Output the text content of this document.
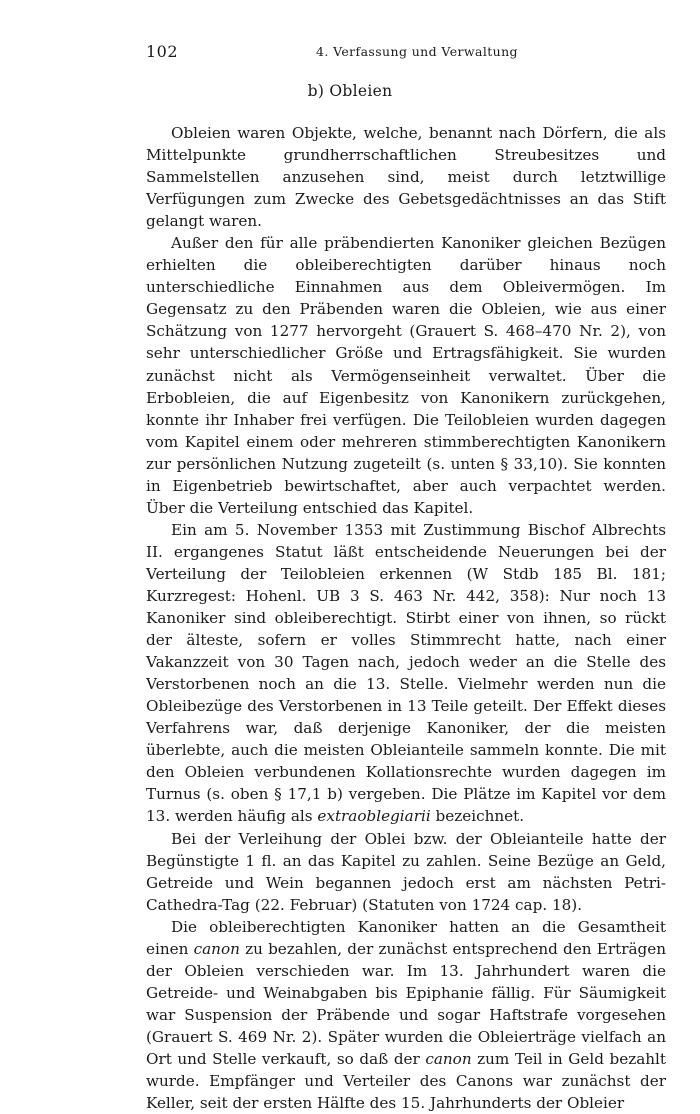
102	4. Verfassung und Verwaltung
b) Obleien

Obleien waren Objekte, welche, benannt nach Dörfern, die als Mittelpunkte grundherrschaftlichen Streubesitzes und Sammelstellen anzusehen sind, meist durch letztwillige Verfügungen zum Zwecke des Gebetsgedächtnisses an das Stift gelangt waren.

Außer den für alle präbendierten Kanoniker gleichen Bezügen erhielten die obleiberechtigten darüber hinaus noch unterschiedliche Einnahmen aus dem Obleivermögen. Im Gegensatz zu den Präbenden waren die Obleien, wie aus einer Schätzung von 1277 hervorgeht (Grauert S. 468–470 Nr. 2), von sehr unterschiedlicher Größe und Ertragsfähigkeit. Sie wurden zunächst nicht als Vermögenseinheit verwaltet. Über die Erbobleien, die auf Eigenbesitz von Kanonikern zurückgehen, konnte ihr Inhaber frei verfügen. Die Teilobleien wurden dagegen vom Kapitel einem oder mehreren stimmberechtigten Kanonikern zur persönlichen Nutzung zugeteilt (s. unten § 33,10). Sie konnten in Eigenbetrieb bewirtschaftet, aber auch verpachtet werden. Über die Verteilung entschied das Kapitel.

Ein am 5. November 1353 mit Zustimmung Bischof Albrechts II. ergangenes Statut läßt entscheidende Neuerungen bei der Verteilung der Teilobleien erkennen (W Stdb 185 Bl. 181; Kurzregest: Hohenl. UB 3 S. 463 Nr. 442, 358): Nur noch 13 Kanoniker sind obleiberechtigt. Stirbt einer von ihnen, so rückt der älteste, sofern er volles Stimmrecht hatte, nach einer Vakanzzeit von 30 Tagen nach, jedoch weder an die Stelle des Verstorbenen noch an die 13. Stelle. Vielmehr werden nun die Obleibezüge des Verstorbenen in 13 Teile geteilt. Der Effekt dieses Verfahrens war, daß derjenige Kanoniker, der die meisten überlebte, auch die meisten Obleianteile sammeln konnte. Die mit den Obleien verbundenen Kollationsrechte wurden dagegen im Turnus (s. oben § 17,1 b) vergeben. Die Plätze im Kapitel vor dem 13. werden häufig als extraoblegiarii bezeichnet.

Bei der Verleihung der Oblei bzw. der Obleianteile hatte der Begünstigte 1 fl. an das Kapitel zu zahlen. Seine Bezüge an Geld, Getreide und Wein begannen jedoch erst am nächsten Petri-Cathedra-Tag (22. Februar) (Statuten von 1724 cap. 18).

Die obleiberechtigten Kanoniker hatten an die Gesamtheit einen canon zu bezahlen, der zunächst entsprechend den Erträgen der Obleien verschieden war. Im 13. Jahrhundert waren die Getreide- und Weinabgaben bis Epiphanie fällig. Für Säumigkeit war Suspension der Präbende und sogar Haftstrafe vorgesehen (Grauert S. 469 Nr. 2). Später wurden die Obleierträge vielfach an Ort und Stelle verkauft, so daß der canon zum Teil in Geld bezahlt wurde. Empfänger und Verteiler des Canons war zunächst der Keller, seit der ersten Hälfte des 15. Jahrhunderts der Obleier
